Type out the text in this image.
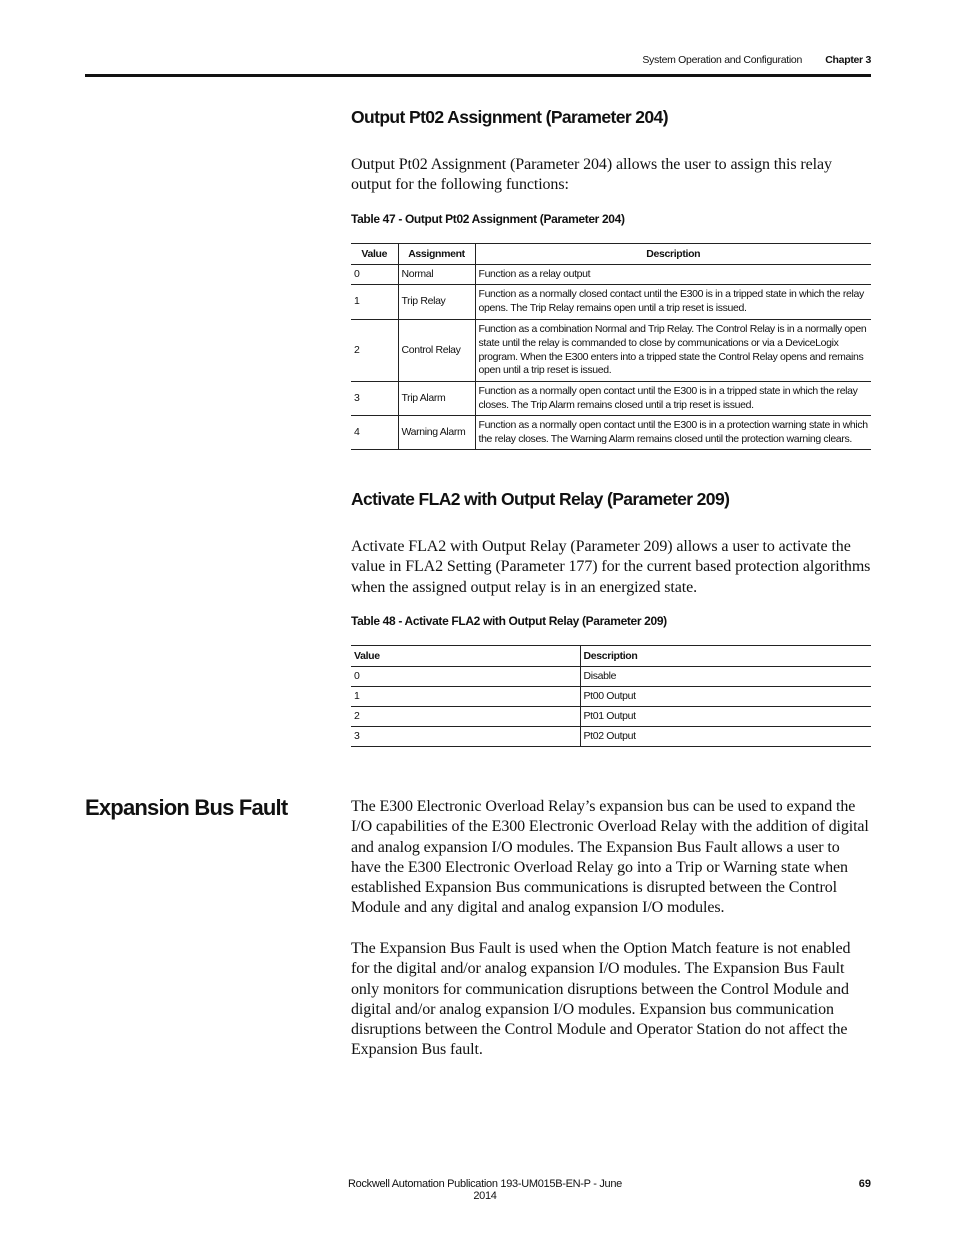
System Operation and Configuration	Chapter 3
Output Pt02 Assignment (Parameter 204)
Output Pt02 Assignment (Parameter 204) allows the user to assign this relay output for the following functions:
Table 47 - Output Pt02 Assignment (Parameter 204)
Value	Assignment	Description
0	Normal	Function as a relay output
1	Trip Relay	Function as a normally closed contact until the E300 is in a tripped state in which the relay opens. The Trip Relay remains open until a trip reset is issued.
2	Control Relay	Function as a combination Normal and Trip Relay. The Control Relay is in a normally open state until the relay is commanded to close by communications or via a DeviceLogix program. When the E300 enters into a tripped state the Control Relay opens and remains open until a trip reset is issued.
3	Trip Alarm	Function as a normally open contact until the E300 is in a tripped state in which the relay closes. The Trip Alarm remains closed until a trip reset is issued.
4	Warning Alarm	Function as a normally open contact until the E300 is in a protection warning state in which the relay closes. The Warning Alarm remains closed until the protection warning clears.
Activate FLA2 with Output Relay (Parameter 209)
Activate FLA2 with Output Relay (Parameter 209) allows a user to activate the value in FLA2 Setting (Parameter 177) for the current based protection algorithms when the assigned output relay is in an energized state.
Table 48 - Activate FLA2 with Output Relay (Parameter 209)
Value	Description
0	Disable
1	Pt00 Output
2	Pt01 Output
3	Pt02 Output
Expansion Bus Fault	The E300 Electronic Overload Relay’s expansion bus can be used to expand the I/O capabilities of the E300 Electronic Overload Relay with the addition of digital and analog expansion I/O modules. The Expansion Bus Fault allows a user to have the E300 Electronic Overload Relay go into a Trip or Warning state when established Expansion Bus communications is disrupted between the Control Module and any digital and analog expansion I/O modules.
The Expansion Bus Fault is used when the Option Match feature is not enabled for the digital and/or analog expansion I/O modules. The Expansion Bus Fault only monitors for communication disruptions between the Control Module and digital and/or analog expansion I/O modules. Expansion bus communication disruptions between the Control Module and Operator Station do not affect the Expansion Bus fault.
Rockwell Automation Publication 193-UM015B-EN-P - June 2014
69
